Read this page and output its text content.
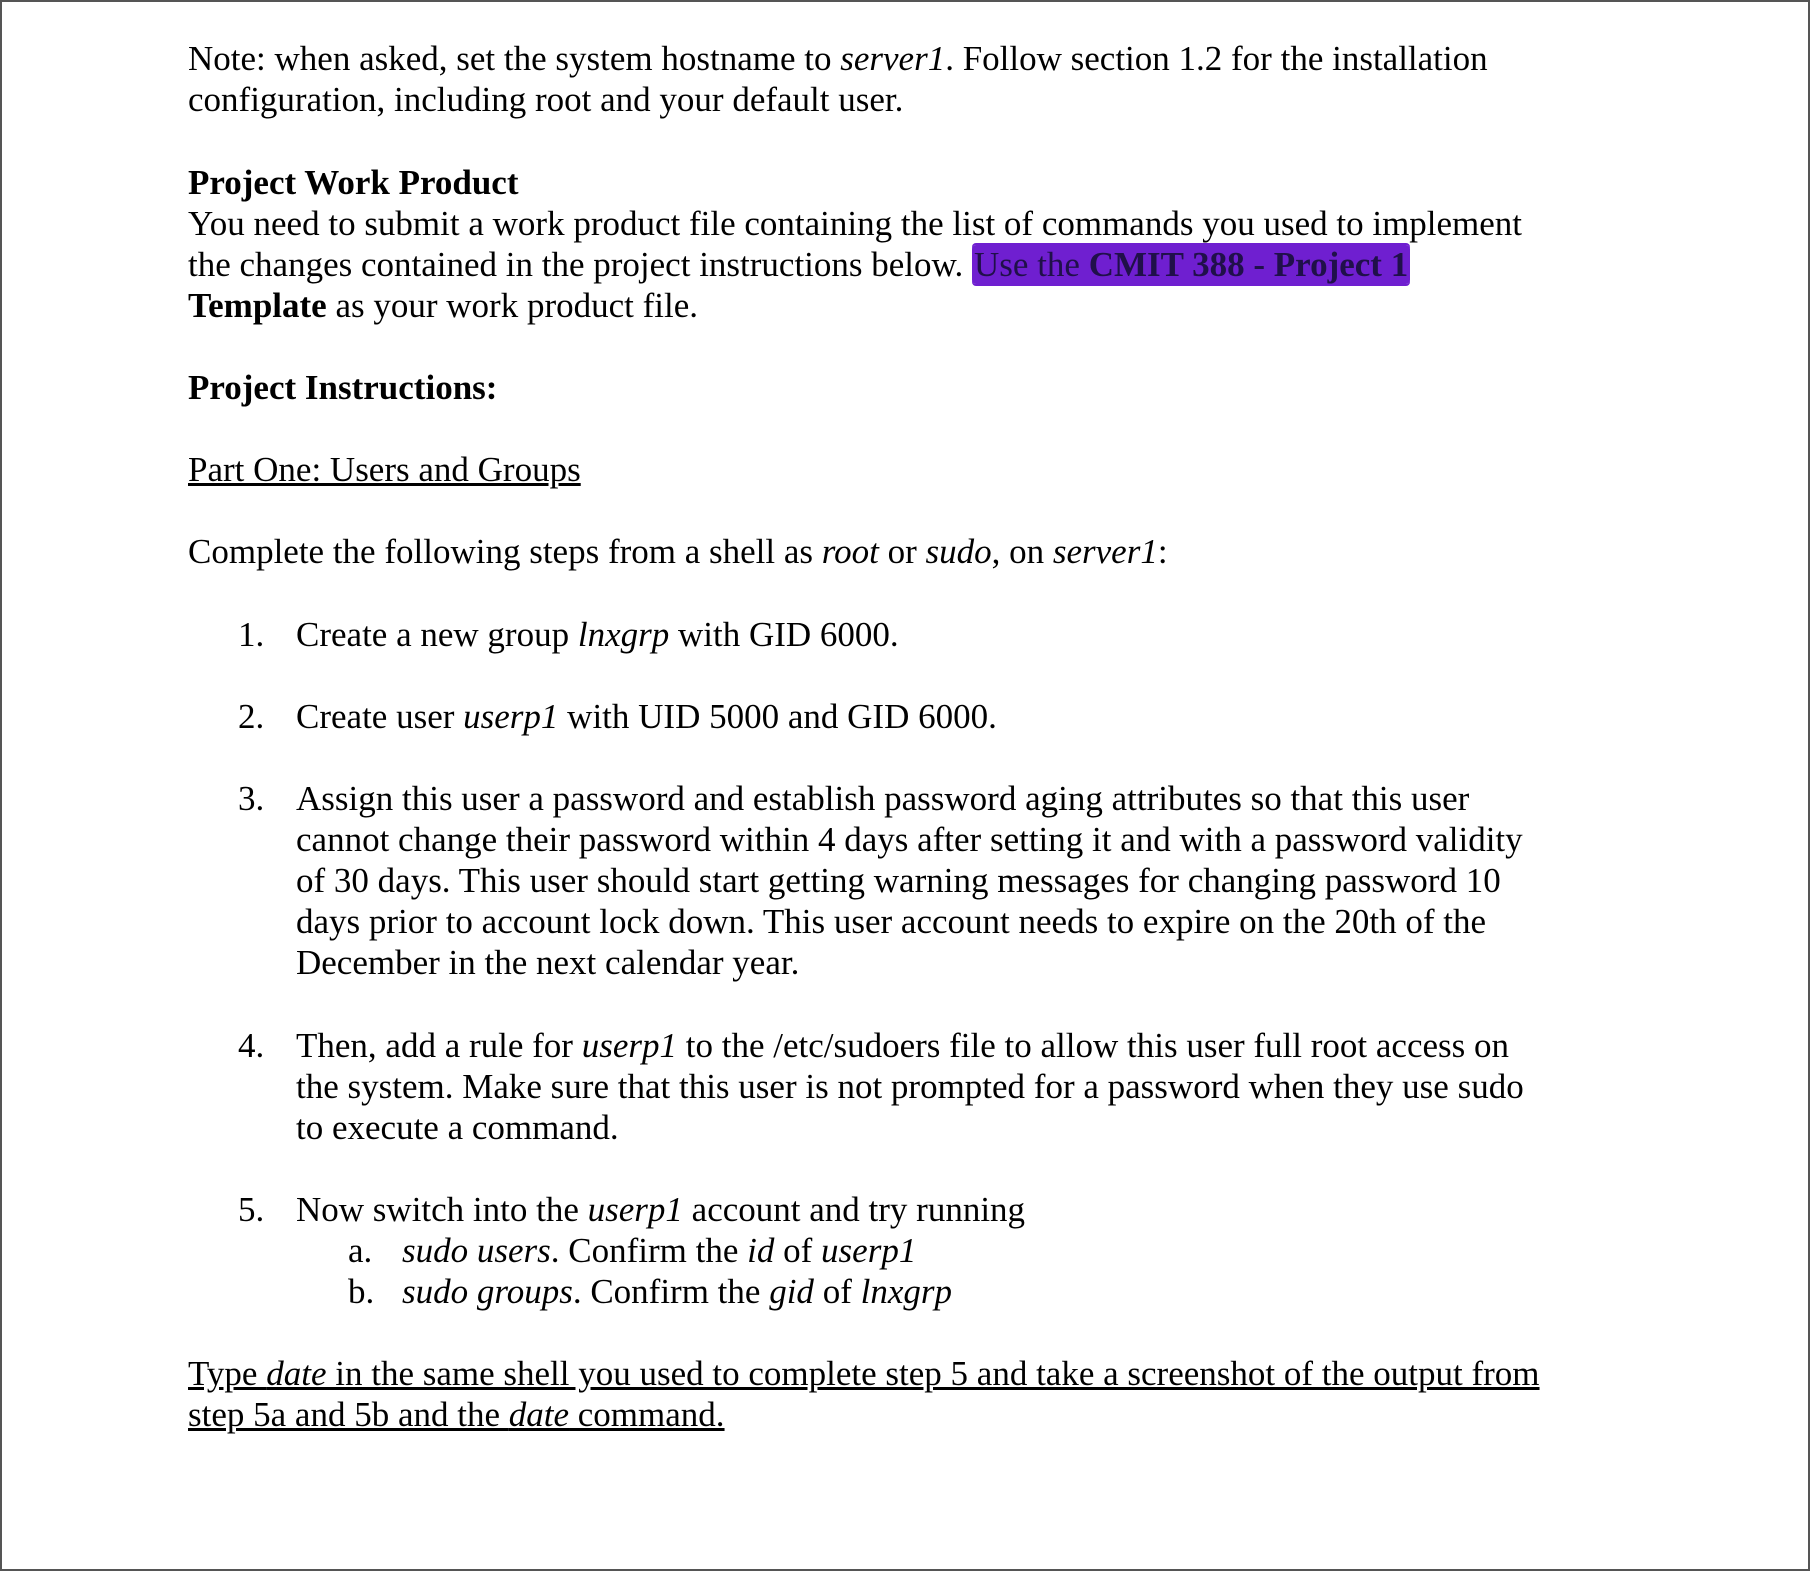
Note: when asked, set the system hostname to server1. Follow section 1.2 for the installation
configuration, including root and your default user.
Project Work Product
You need to submit a work product file containing the list of commands you used to implement
the changes contained in the project instructions below. Use the CMIT 388 - Project 1
Template as your work product file.
Project Instructions:
Part One: Users and Groups
Complete the following steps from a shell as root or sudo, on server1:
1. Create a new group lnxgrp with GID 6000.
2. Create user userp1 with UID 5000 and GID 6000.
3. Assign this user a password and establish password aging attributes so that this user
cannot change their password within 4 days after setting it and with a password validity
of 30 days. This user should start getting warning messages for changing password 10
days prior to account lock down. This user account needs to expire on the 20th of the
December in the next calendar year.
4. Then, add a rule for userp1 to the /etc/sudoers file to allow this user full root access on
the system. Make sure that this user is not prompted for a password when they use sudo
to execute a command.
5. Now switch into the userp1 account and try running
a. sudo users. Confirm the id of userp1
b. sudo groups. Confirm the gid of lnxgrp
Type date in the same shell you used to complete step 5 and take a screenshot of the output from
step 5a and 5b and the date command.
